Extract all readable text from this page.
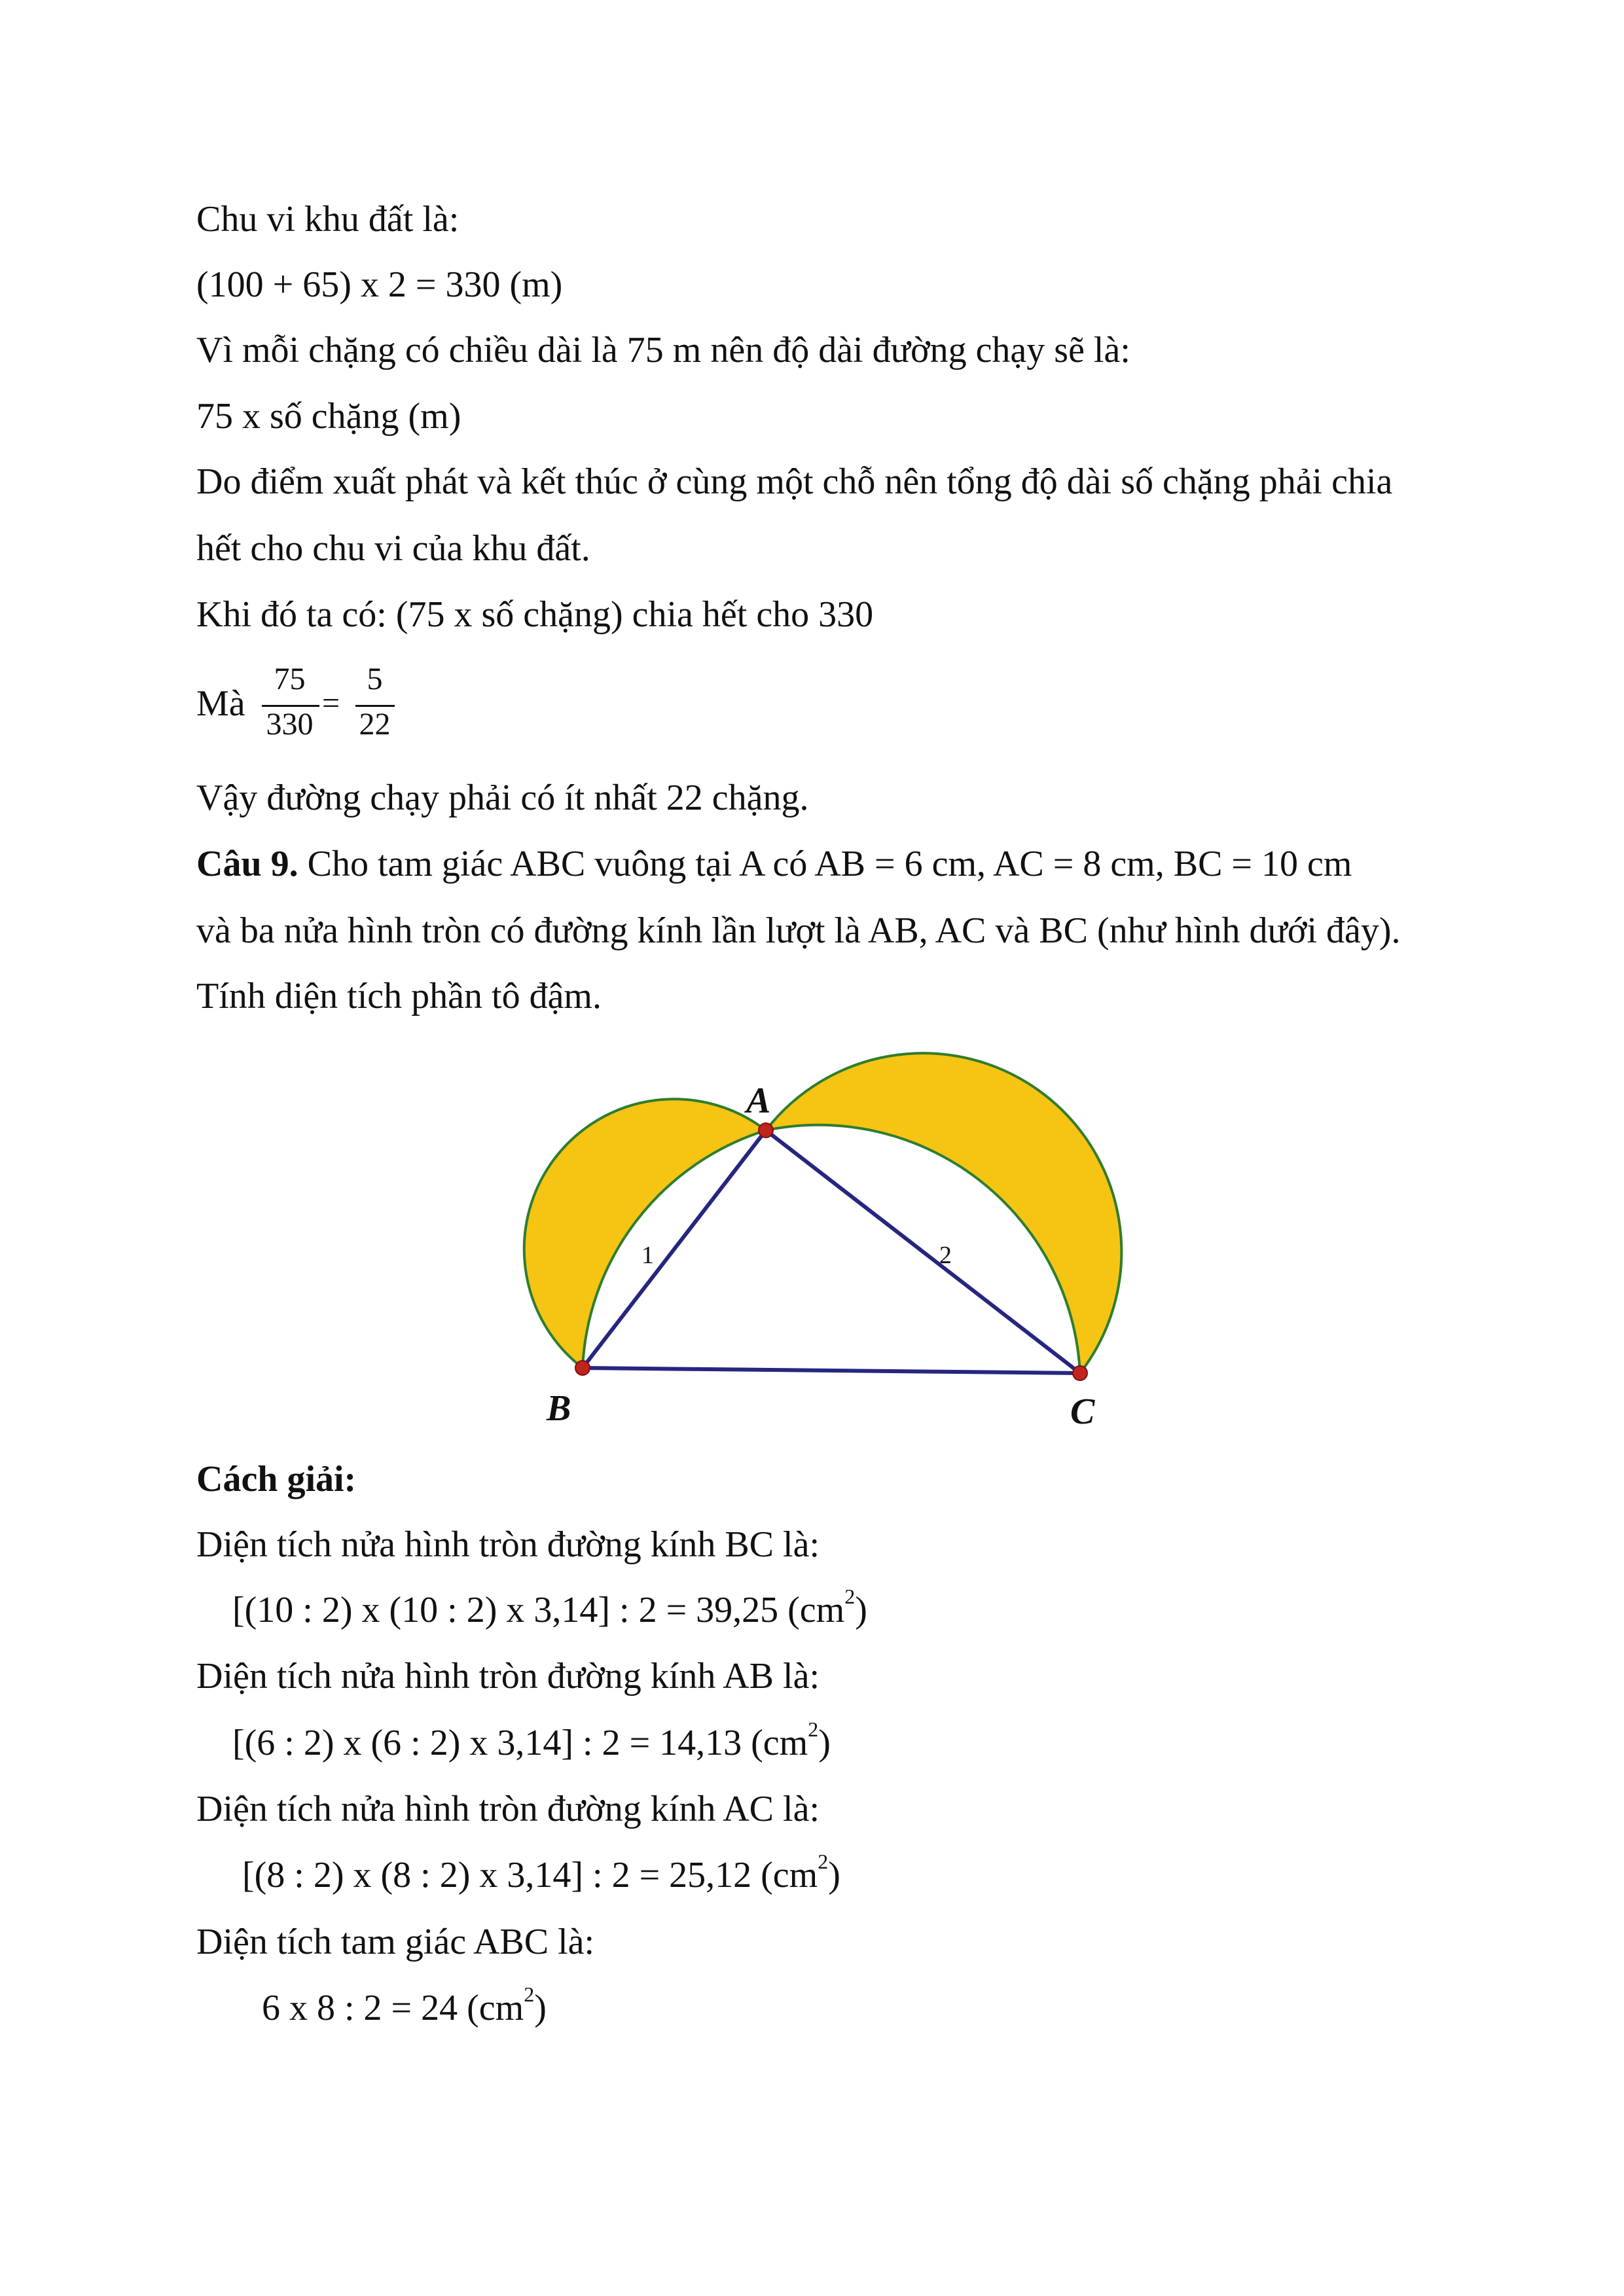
Chu vi khu đất là:
(100 + 65) x 2 = 330 (m)
Vì mỗi chặng có chiều dài là 75 m nên độ dài đường chạy sẽ là:
75 x số chặng (m)
Do điểm xuất phát và kết thúc ở cùng một chỗ nên tổng độ dài số chặng phải chia
hết cho chu vi của khu đất.
Khi đó ta có: (75 x số chặng) chia hết cho 330
Mà
75
330
=
5
22
Vậy đường chạy phải có ít nhất 22 chặng.
Câu 9. Cho tam giác ABC vuông tại A có AB = 6 cm, AC = 8 cm, BC = 10 cm
và ba nửa hình tròn có đường kính lần lượt là AB, AC và BC (như hình dưới đây).
Tính diện tích phần tô đậm.
A
B	C
1	2
Cách giải:
Diện tích nửa hình tròn đường kính BC là:
[(10 : 2) x (10 : 2) x 3,14] : 2 = 39,25 $(cm^2)$
Diện tích nửa hình tròn đường kính AB là:
[(6 : 2) x (6 : 2) x 3,14] : 2 = 14,13 $(cm^2)$
Diện tích nửa hình tròn đường kính AC là:
[(8 : 2) x (8 : 2) x 3,14] : 2 = 25,12 $(cm^2)$
Diện tích tam giác ABC là:
6 x 8 : 2 = 24 $(cm^2)$
